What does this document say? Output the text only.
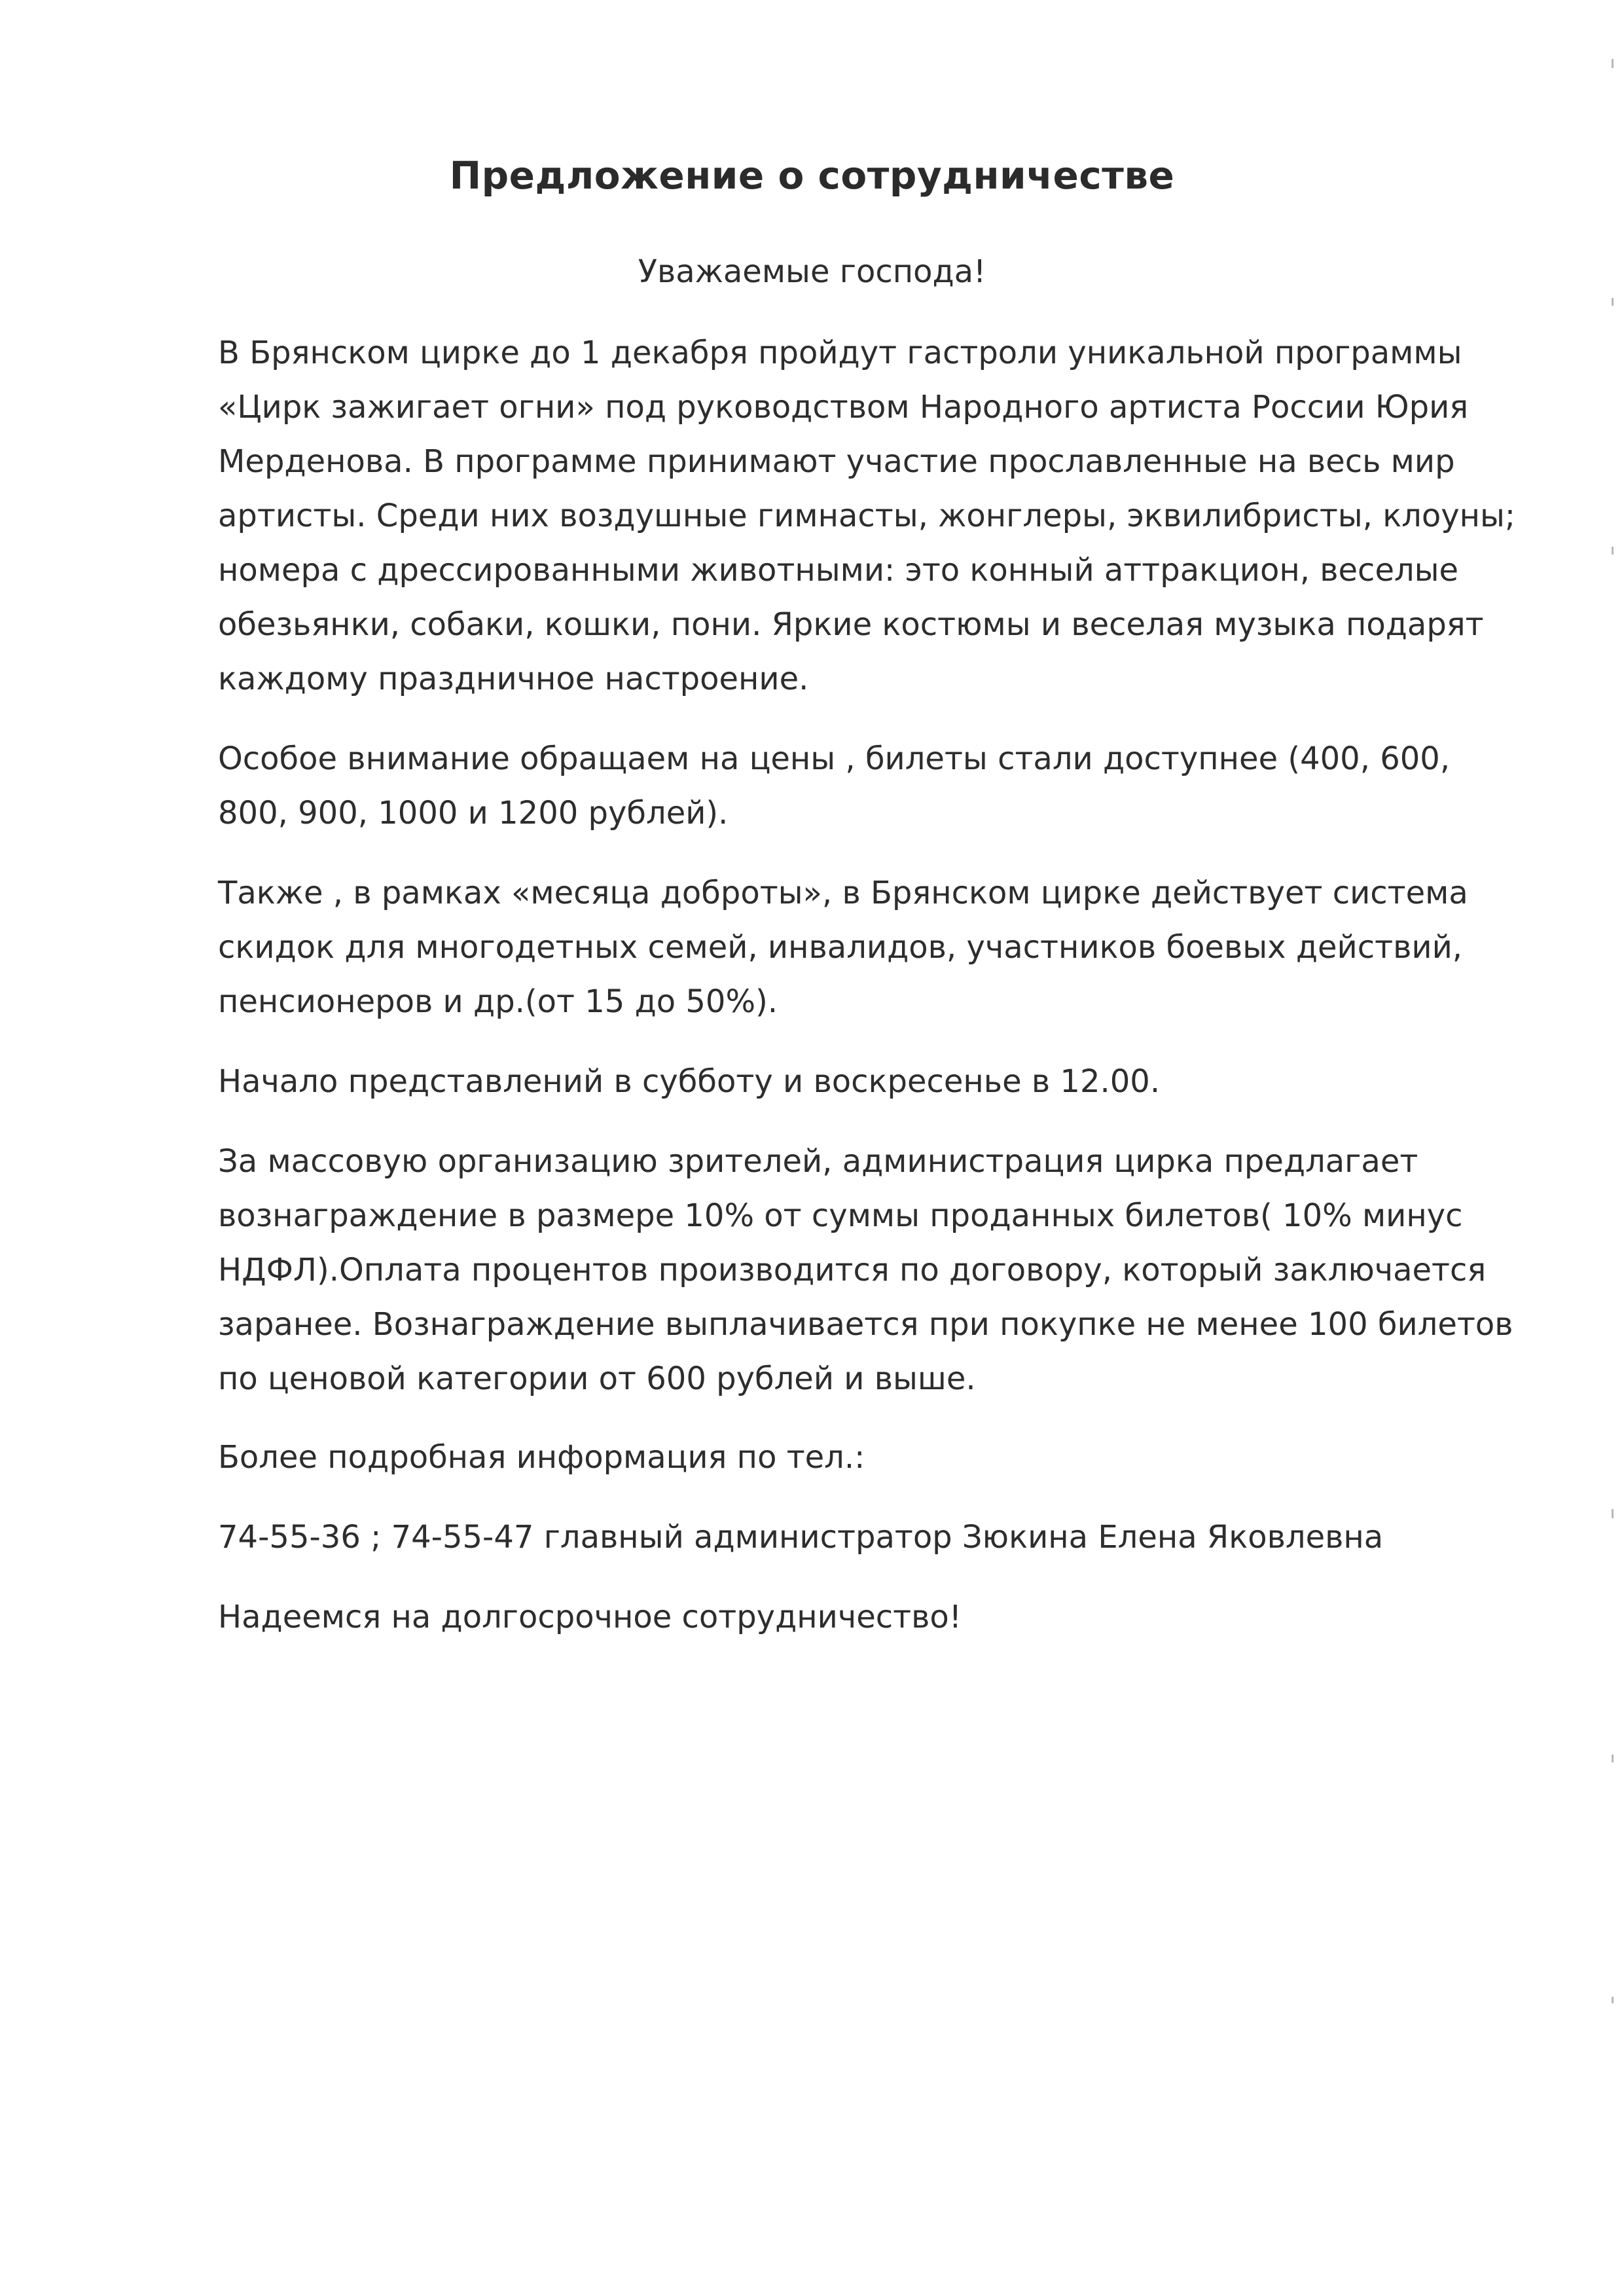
Предложение о сотрудничестве

Уважаемые господа!

В Брянском цирке до 1 декабря пройдут гастроли уникальной программы
«Цирк зажигает огни» под руководством Народного артиста России Юрия
Мерденова. В программе принимают участие прославленные на весь мир
артисты. Среди них воздушные гимнасты, жонглеры, эквилибристы, клоуны;
номера с дрессированными животными: это конный аттракцион, веселые
обезьянки, собаки, кошки, пони. Яркие костюмы и веселая музыка подарят
каждому праздничное настроение.

Особое внимание обращаем на цены , билеты стали доступнее (400, 600,
800, 900, 1000 и 1200 рублей).

Также , в рамках «месяца доброты», в Брянском цирке действует система
скидок для многодетных семей, инвалидов, участников боевых действий,
пенсионеров и др.(от 15 до 50%).

Начало представлений в субботу и воскресенье в 12.00.

За массовую организацию зрителей, администрация цирка предлагает
вознаграждение в размере 10% от суммы проданных билетов( 10% минус
НДФЛ).Оплата процентов производится по договору, который заключается
заранее. Вознаграждение выплачивается при покупке не менее 100 билетов
по ценовой категории от 600 рублей и выше.

Более подробная информация по тел.:

74-55-36 ; 74-55-47 главный администратор Зюкина Елена Яковлевна

Надеемся на долгосрочное сотрудничество!
